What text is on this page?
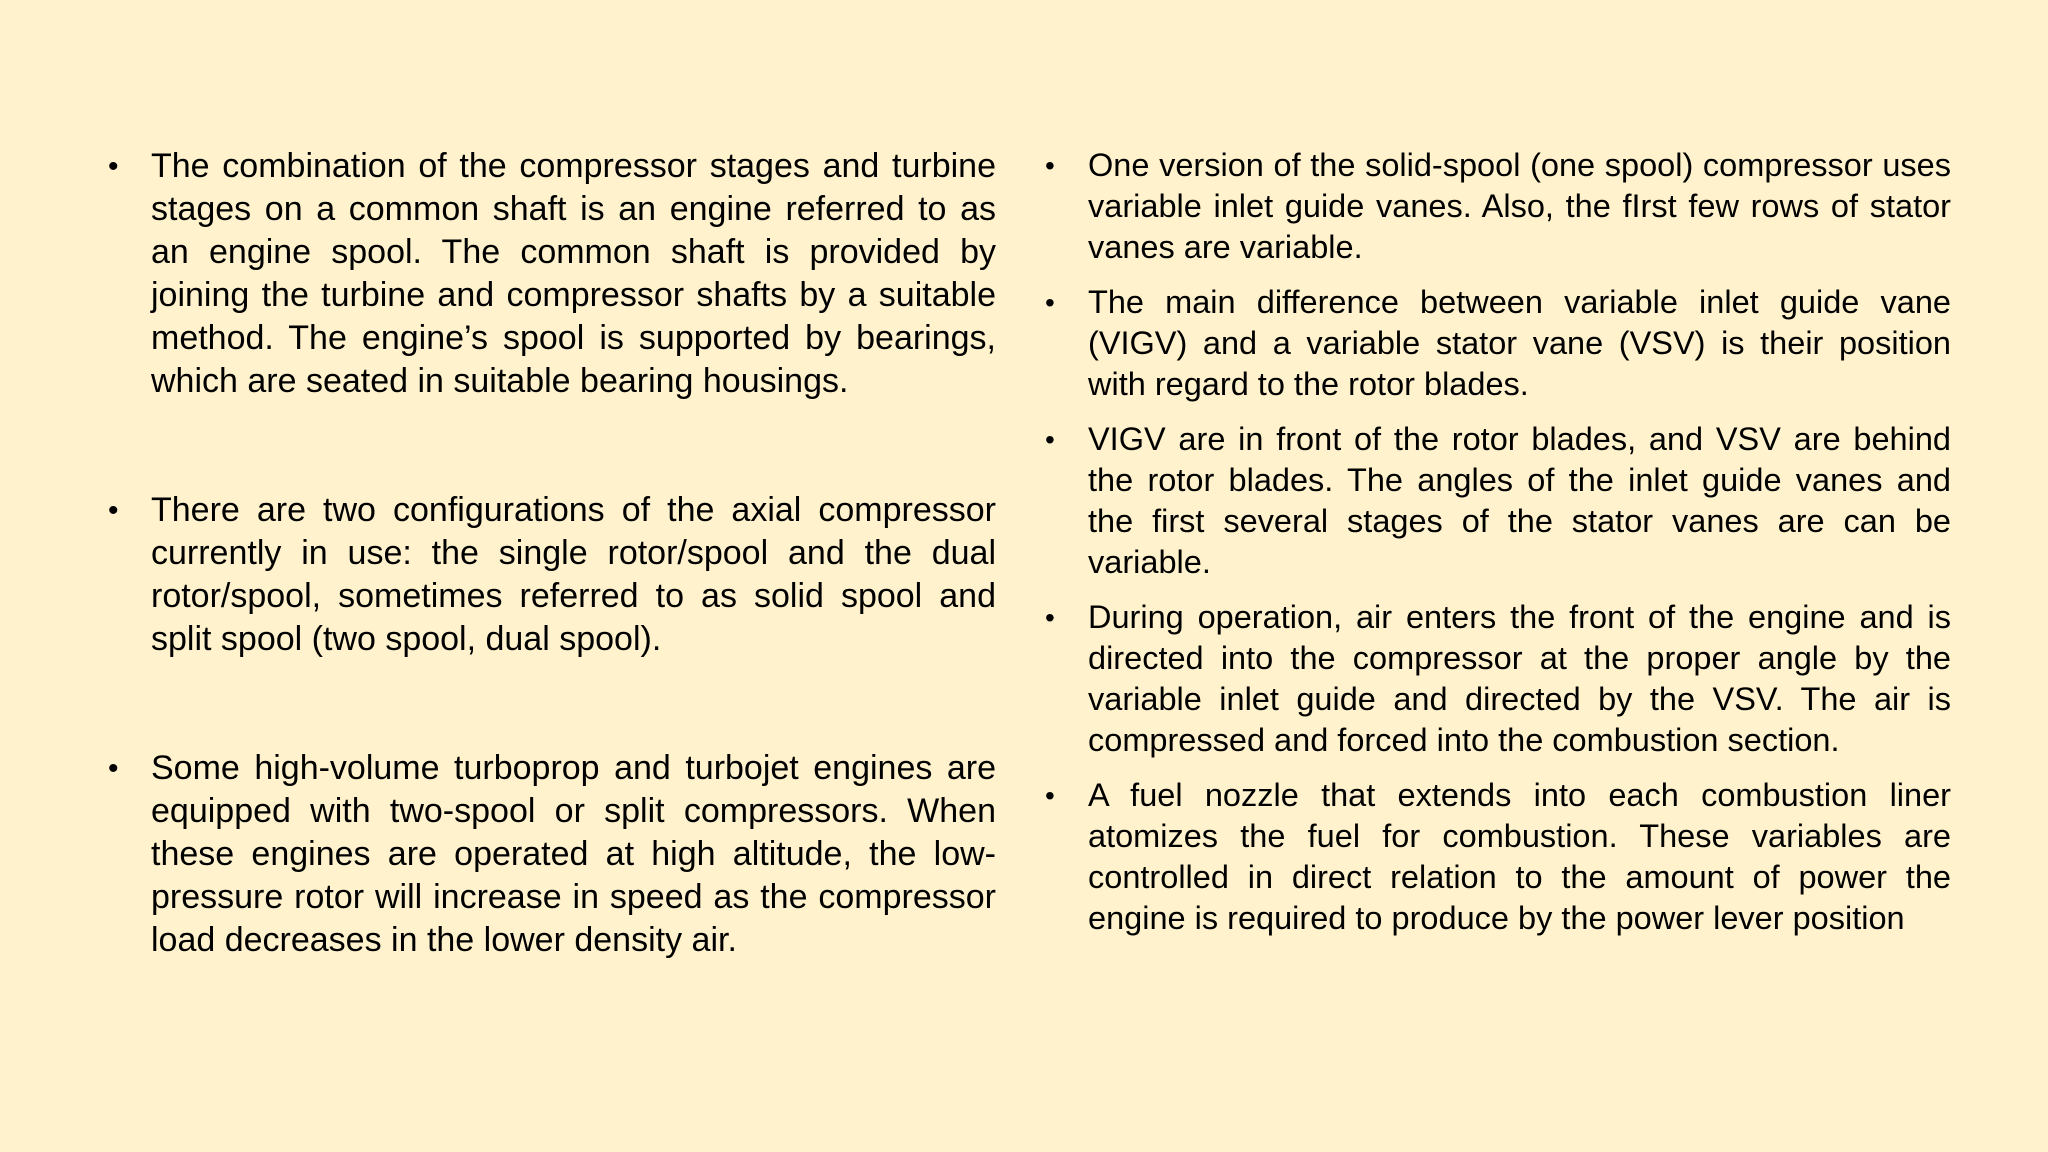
• The combination of the compressor stages and turbine stages on a common shaft is an engine referred to as an engine spool. The common shaft is provided by joining the turbine and compressor shafts by a suitable method. The engine’s spool is supported by bearings, which are seated in suitable bearing housings.
• There are two configurations of the axial compressor currently in use: the single rotor/spool and the dual rotor/spool, sometimes referred to as solid spool and split spool (two spool, dual spool).
• Some high-volume turboprop and turbojet engines are equipped with two-spool or split compressors. When these engines are operated at high altitude, the low-pressure rotor will increase in speed as the compressor load decreases in the lower density air.
•	One version of the solid-spool (one spool) compressor uses variable inlet guide vanes. Also, the fIrst few rows of stator vanes are variable.
•	The main difference between variable inlet guide vane (VIGV) and a variable stator vane (VSV) is their position with regard to the rotor blades.
•	VIGV are in front of the rotor blades, and VSV are behind the rotor blades. The angles of the inlet guide vanes and the first several stages of the stator vanes are can be variable.
•	During operation, air enters the front of the engine and is directed into the compressor at the proper angle by the variable inlet guide and directed by the VSV. The air is compressed and forced into the combustion section.
•	A fuel nozzle that extends into each combustion liner atomizes the fuel for combustion. These variables are controlled in direct relation to the amount of power the engine is required to produce by the power lever position
